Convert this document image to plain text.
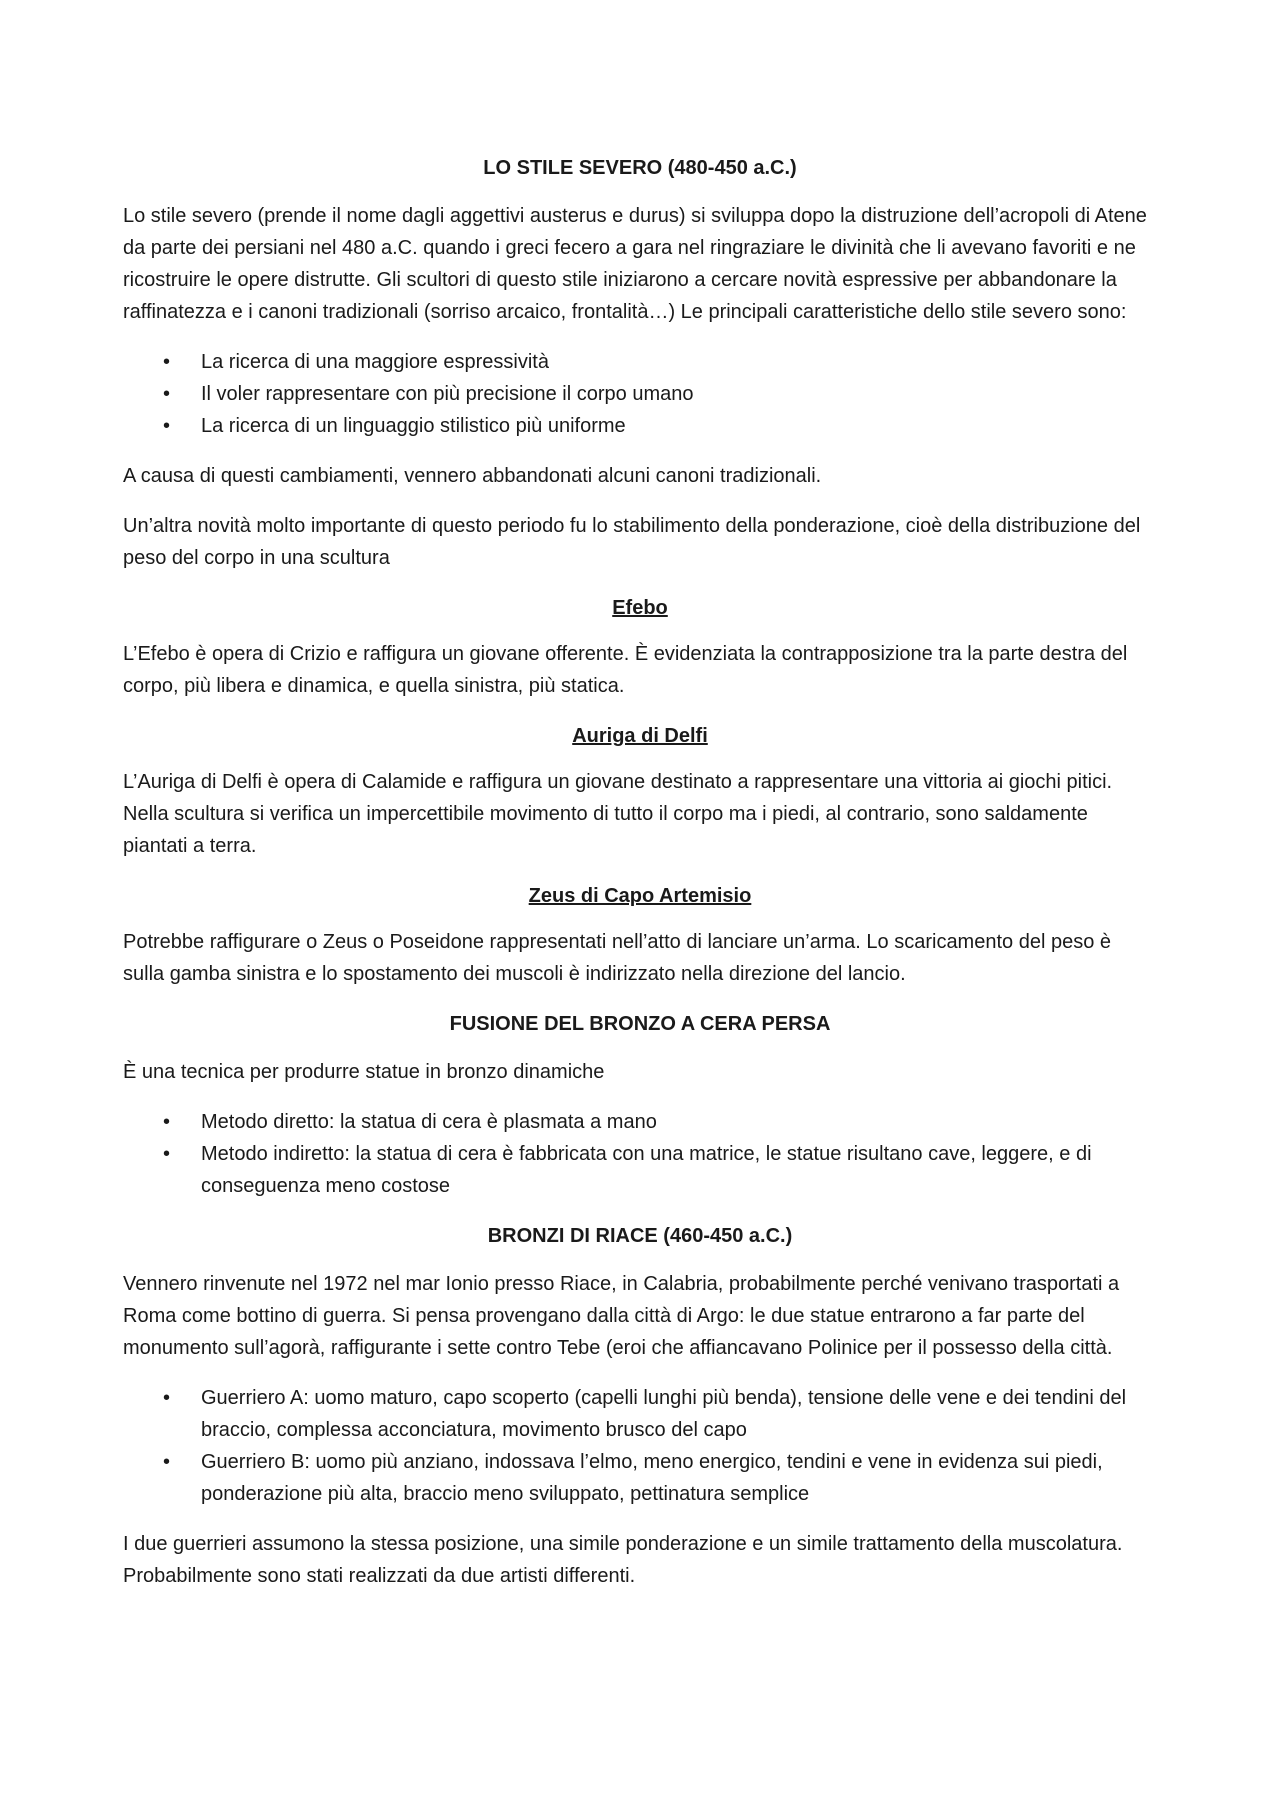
LO STILE SEVERO (480-450 a.C.)

Lo stile severo (prende il nome dagli aggettivi austerus e durus) si sviluppa dopo la distruzione dell’acropoli di Atene da parte dei persiani nel 480 a.C. quando i greci fecero a gara nel ringraziare le divinità che li avevano favoriti e ne ricostruire le opere distrutte. Gli scultori di questo stile iniziarono a cercare novità espressive per abbandonare la raffinatezza e i canoni tradizionali (sorriso arcaico, frontalità…) Le principali caratteristiche dello stile severo sono:

• La ricerca di una maggiore espressività
• Il voler rappresentare con più precisione il corpo umano
• La ricerca di un linguaggio stilistico più uniforme

A causa di questi cambiamenti, vennero abbandonati alcuni canoni tradizionali.

Un’altra novità molto importante di questo periodo fu lo stabilimento della ponderazione, cioè della distribuzione del peso del corpo in una scultura

Efebo

L’Efebo è opera di Crizio e raffigura un giovane offerente. È evidenziata la contrapposizione tra la parte destra del corpo, più libera e dinamica, e quella sinistra, più statica.

Auriga di Delfi

L’Auriga di Delfi è opera di Calamide e raffigura un giovane destinato a rappresentare una vittoria ai giochi pitici. Nella scultura si verifica un impercettibile movimento di tutto il corpo ma i piedi, al contrario, sono saldamente piantati a terra.

Zeus di Capo Artemisio

Potrebbe raffigurare o Zeus o Poseidone rappresentati nell’atto di lanciare un’arma. Lo scaricamento del peso è sulla gamba sinistra e lo spostamento dei muscoli è indirizzato nella direzione del lancio.

FUSIONE DEL BRONZO A CERA PERSA

È una tecnica per produrre statue in bronzo dinamiche

• Metodo diretto: la statua di cera è plasmata a mano
• Metodo indiretto: la statua di cera è fabbricata con una matrice, le statue risultano cave, leggere, e di conseguenza meno costose
BRONZI DI RIACE (460-450 a.C.)

Vennero rinvenute nel 1972 nel mar Ionio presso Riace, in Calabria, probabilmente perché venivano trasportati a Roma come bottino di guerra. Si pensa provengano dalla città di Argo: le due statue entrarono a far parte del monumento sull’agorà, raffigurante i sette contro Tebe (eroi che affiancavano Polinice per il possesso della città.

• Guerriero A: uomo maturo, capo scoperto (capelli lunghi più benda), tensione delle vene e dei tendini del braccio, complessa acconciatura, movimento brusco del capo
• Guerriero B: uomo più anziano, indossava l’elmo, meno energico, tendini e vene in evidenza sui piedi, ponderazione più alta, braccio meno sviluppato, pettinatura semplice

I due guerrieri assumono la stessa posizione, una simile ponderazione e un simile trattamento della muscolatura. Probabilmente sono stati realizzati da due artisti differenti.
